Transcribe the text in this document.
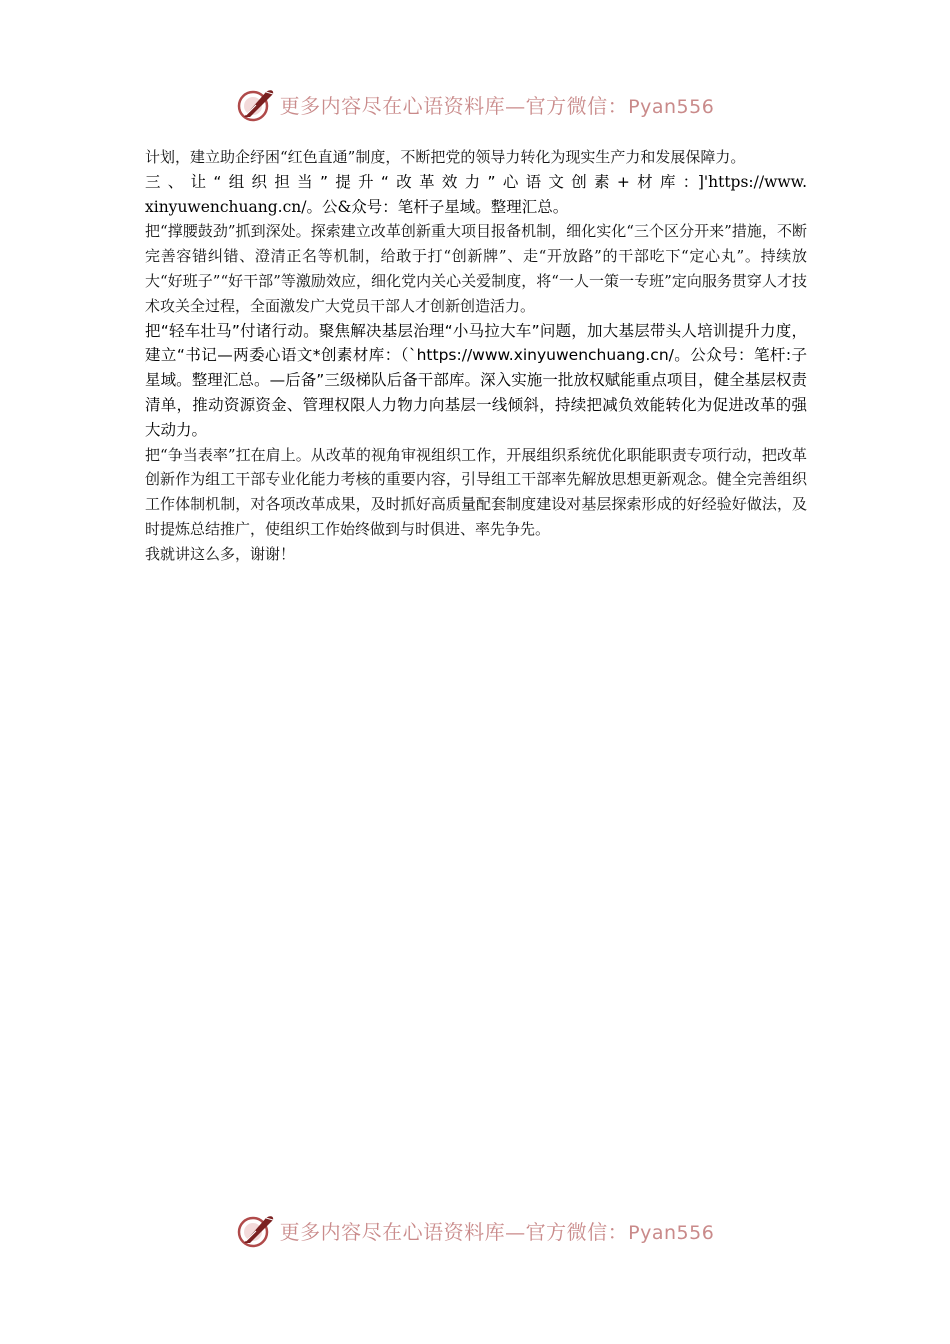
更多内容尽在心语资料库—官方微信：Pyan556

计划，建立助企纾困“红色直通”制度，不断把党的领导力转化为现实生产力和发展保障力。

三、让“组织担当”提升“改革效力”心语文创素+材库：]'https://www.xinyuwenchuang.cn/。公&众号：笔杆子星域。整理汇总。

把“撑腰鼓劲”抓到深处。探索建立改革创新重大项目报备机制，细化实化“三个区分开来”措施，不断完善容错纠错、澄清正名等机制，给敢于打“创新牌”、走“开放路”的干部吃下“定心丸”。持续放大“好班子”“好干部”等激励效应，细化党内关心关爱制度，将“一人一策一专班”定向服务贯穿人才技术攻关全过程，全面激发广大党员干部人才创新创造活力。

把“轻车壮马”付诸行动。聚焦解决基层治理“小马拉大车”问题，加大基层带头人培训提升力度，建立“书记—两委心语文*创素材库：（`https://www.xinyuwenchuang.cn/。公众号：笔杆:子星域。整理汇总。—后备”三级梯队后备干部库。深入实施一批放权赋能重点项目，健全基层权责清单，推动资源资金、管理权限人力物力向基层一线倾斜，持续把减负效能转化为促进改革的强大动力。

把“争当表率”扛在肩上。从改革的视角审视组织工作，开展组织系统优化职能职责专项行动，把改革创新作为组工干部专业化能力考核的重要内容，引导组工干部率先解放思想更新观念。健全完善组织工作体制机制，对各项改革成果，及时抓好高质量配套制度建设对基层探索形成的好经验好做法，及时提炼总结推广，使组织工作始终做到与时俱进、率先争先。

我就讲这么多，谢谢！

更多内容尽在心语资料库—官方微信：Pyan556
